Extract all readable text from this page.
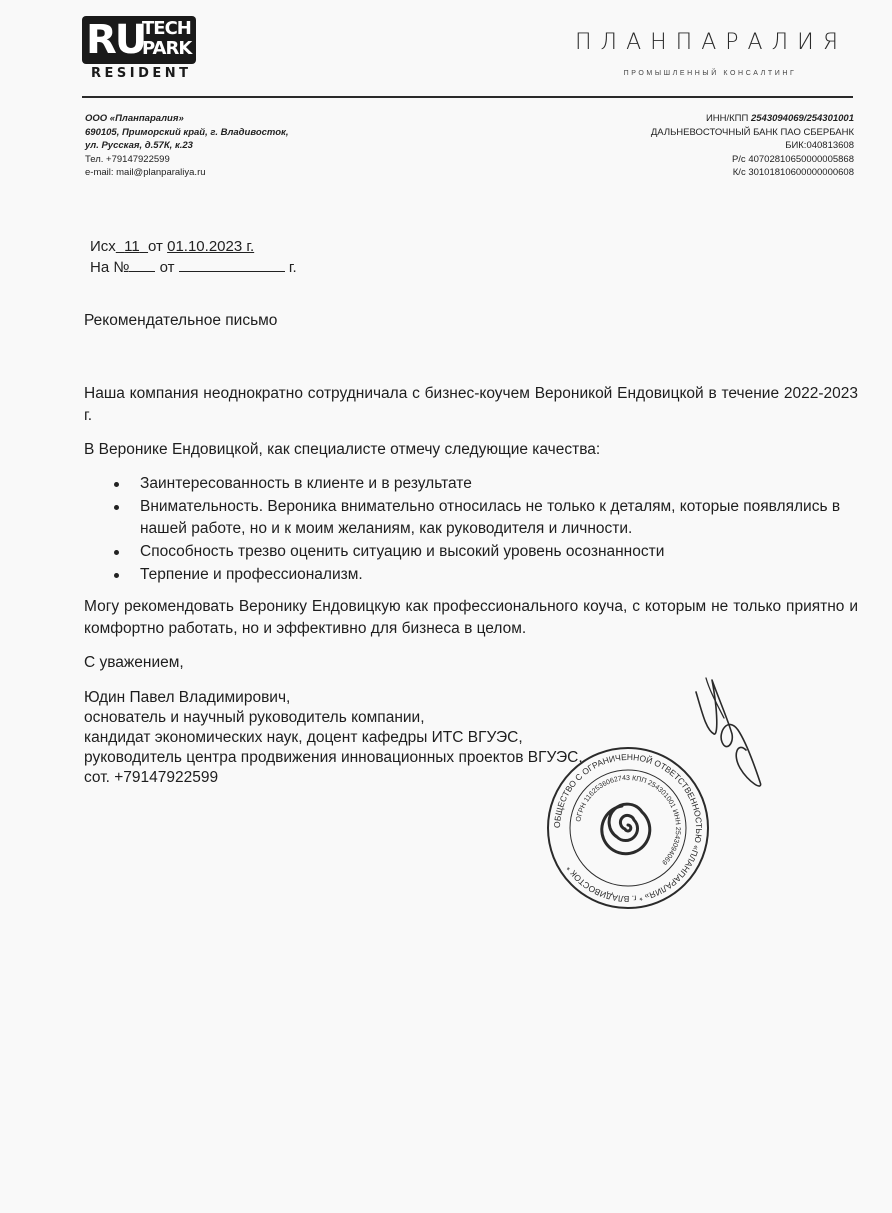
RU
TECH
PARK
RESIDENT
ПЛАНПАРАЛИЯ
ПРОМЫШЛЕННЫЙ КОНСАЛТИНГ
ООО «Планпаралия»
690105, Приморский край, г. Владивосток,
ул. Русская, д.57К, к.23
Тел. +79147922599
e-mail: mail@planparaliya.ru
ИНН/КПП 2543094069/254301001
ДАЛЬНЕВОСТОЧНЫЙ БАНК ПАО СБЕРБАНК
БИК:040813608
Р/с 40702810650000005868
К/с 30101810600000000608
Исх 11 от 01.10.2023 г.
На № от	г.
Рекомендательное письмо

Наша компания неоднократно сотрудничала с бизнес-коучем Вероникой Ендовицкой в течение 2022-2023 г.

В Веронике Ендовицкой, как специалисте отмечу следующие качества:

Заинтересованность в клиенте и в результате
Внимательность. Вероника внимательно относилась не только к деталям, которые появлялись в нашей работе, но и к моим желаниям, как руководителя и личности.
Способность трезво оценить ситуацию и высокий уровень осознанности
Терпение и профессионализм.

Могу рекомендовать Веронику Ендовицкую как профессионального коуча, с которым не только приятно и комфортно работать, но и эффективно для бизнеса в целом.

С уважением,
Юдин Павел Владимирович,
основатель и научный руководитель компании,
кандидат экономических наук, доцент кафедры ИТС ВГУЭС,
руководитель центра продвижения инновационных проектов ВГУЭС,
сот. +79147922599
ОБЩЕСТВО С ОГРАНИЧЕННОЙ ОТВЕТСТВЕННОСТЬЮ «ПЛАНПАРАЛИЯ» * г. ВЛАДИВОСТОК *
ОГРН 1162536062743 КПП 254301001 ИНН 2543094069
